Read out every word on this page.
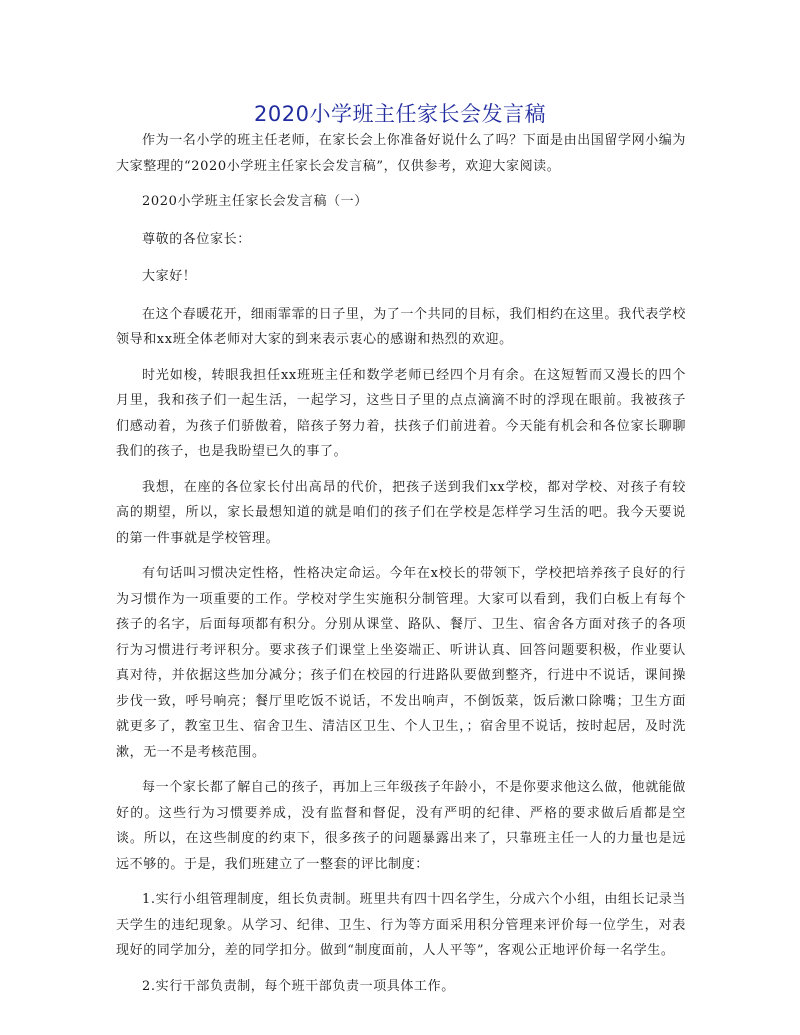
2020小学班主任家长会发言稿

作为一名小学的班主任老师，在家长会上你准备好说什么了吗？下面是由出国留学网小编为大家整理的“2020小学班主任家长会发言稿”，仅供参考，欢迎大家阅读。

2020小学班主任家长会发言稿（一）

尊敬的各位家长：

大家好！

在这个春暖花开，细雨霏霏的日子里，为了一个共同的目标，我们相约在这里。我代表学校领导和xx班全体老师对大家的到来表示衷心的感谢和热烈的欢迎。

时光如梭，转眼我担任xx班班主任和数学老师已经四个月有余。在这短暂而又漫长的四个月里，我和孩子们一起生活，一起学习，这些日子里的点点滴滴不时的浮现在眼前。我被孩子们感动着，为孩子们骄傲着，陪孩子努力着，扶孩子们前进着。今天能有机会和各位家长聊聊我们的孩子，也是我盼望已久的事了。

我想，在座的各位家长付出高昂的代价，把孩子送到我们xx学校，都对学校、对孩子有较高的期望，所以，家长最想知道的就是咱们的孩子们在学校是怎样学习生活的吧。我今天要说的第一件事就是学校管理。

有句话叫习惯决定性格，性格决定命运。今年在x校长的带领下，学校把培养孩子良好的行为习惯作为一项重要的工作。学校对学生实施积分制管理。大家可以看到，我们白板上有每个孩子的名字，后面每项都有积分。分别从课堂、路队、餐厅、卫生、宿舍各方面对孩子的各项行为习惯进行考评积分。要求孩子们课堂上坐姿端正、听讲认真、回答问题要积极，作业要认真对待，并依据这些加分减分；孩子们在校园的行进路队要做到整齐，行进中不说话，课间操步伐一致，呼号响亮；餐厅里吃饭不说话，不发出响声，不倒饭菜，饭后漱口除嘴；卫生方面就更多了，教室卫生、宿舍卫生、清洁区卫生、个人卫生，；宿舍里不说话，按时起居，及时洗漱，无一不是考核范围。

每一个家长都了解自己的孩子，再加上三年级孩子年龄小，不是你要求他这么做，他就能做好的。这些行为习惯要养成，没有监督和督促，没有严明的纪律、严格的要求做后盾都是空谈。所以，在这些制度的约束下，很多孩子的问题暴露出来了，只靠班主任一人的力量也是远远不够的。于是，我们班建立了一整套的评比制度：

1.实行小组管理制度，组长负责制。班里共有四十四名学生，分成六个小组，由组长记录当天学生的违纪现象。从学习、纪律、卫生、行为等方面采用积分管理来评价每一位学生，对表现好的同学加分，差的同学扣分。做到“制度面前，人人平等”，客观公正地评价每一名学生。

2.实行干部负责制，每个班干部负责一项具体工作。
